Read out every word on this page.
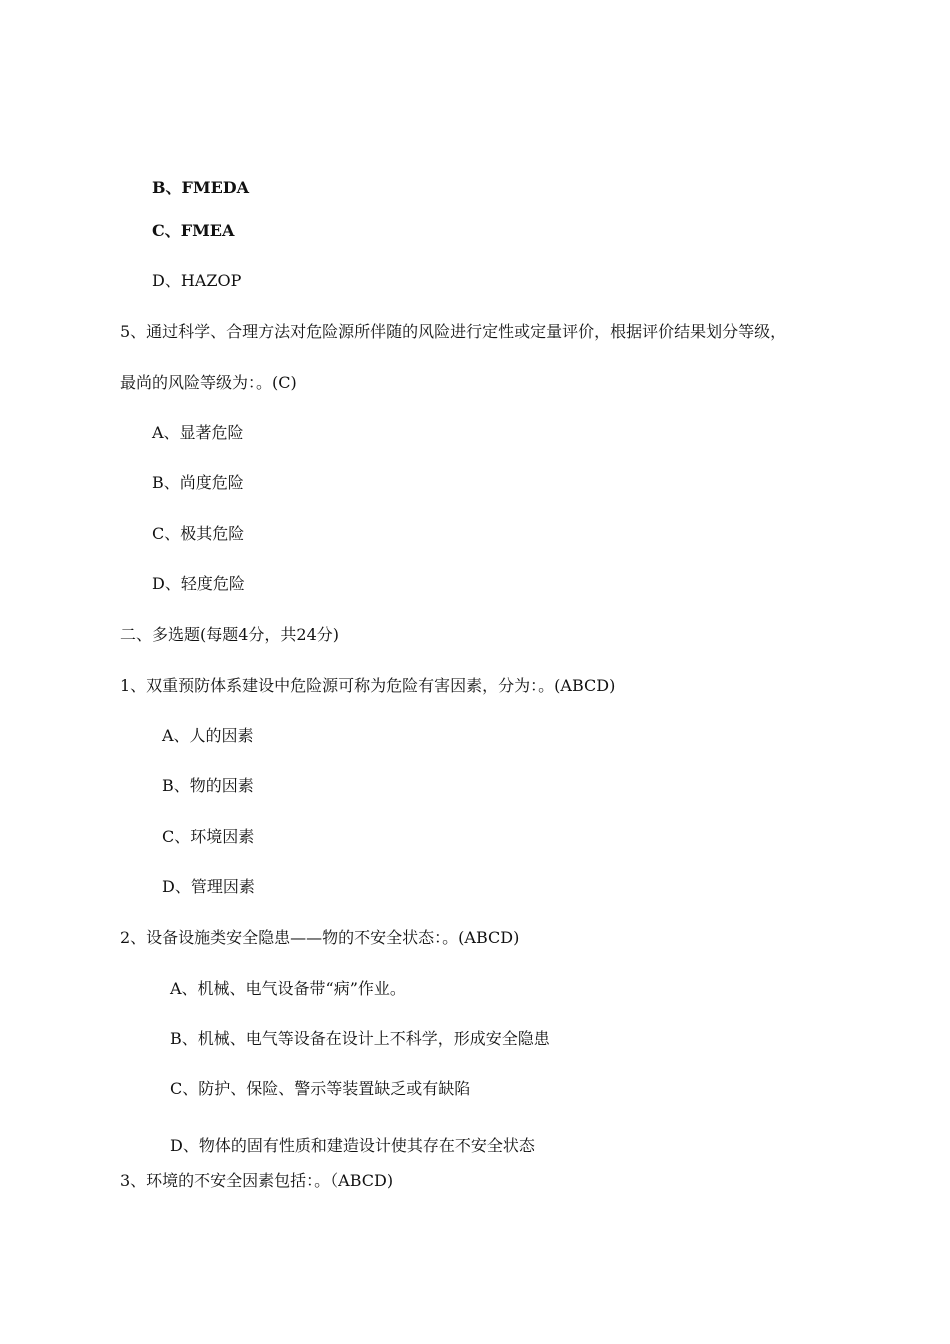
B、FMEDA
C、FMEA
D、HAZOP
5、通过科学、合理方法对危险源所伴随的风险进行定性或定量评价，根据评价结果划分等级，
最尚的风险等级为：。(C)
A、显著危险
B、尚度危险
C、极其危险
D、轻度危险
二、多选题(每题4分，共24分)
1、双重预防体系建设中危险源可称为危险有害因素，分为：。(ABCD)
A、人的因素
B、物的因素
C、环境因素
D、管理因素
2、设备设施类安全隐患——物的不安全状态：。(ABCD)
A、机械、电气设备带“病”作业。
B、机械、电气等设备在设计上不科学，形成安全隐患
C、防护、保险、警示等装置缺乏或有缺陷
D、物体的固有性质和建造设计使其存在不安全状态
3、环境的不安全因素包括：。（ABCD)
